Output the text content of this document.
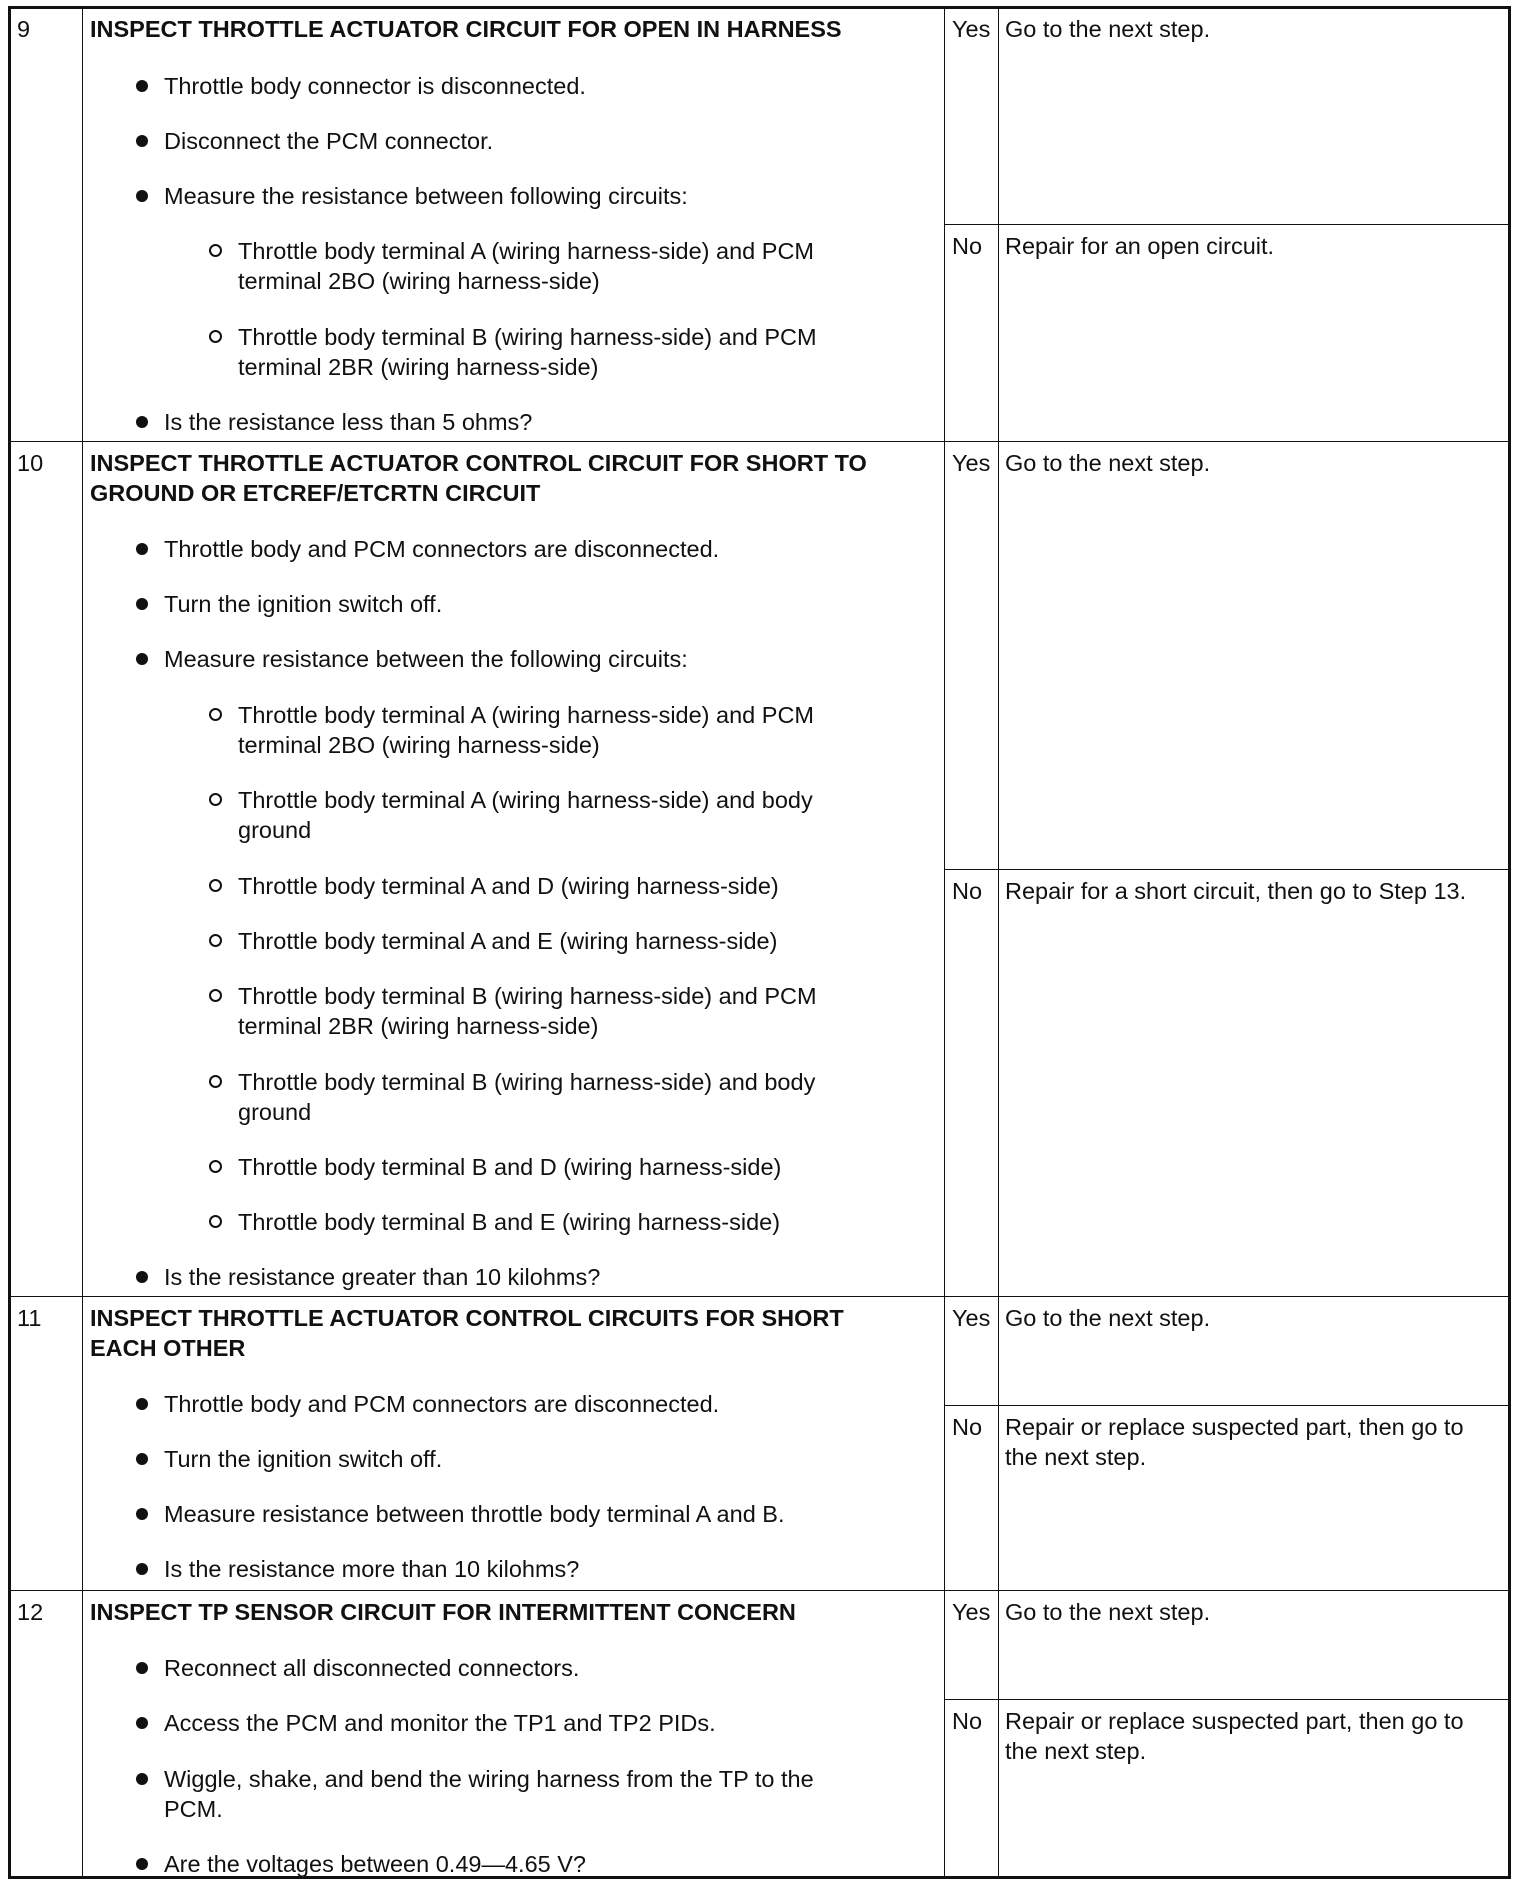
9	INSPECT THROTTLE ACTUATOR CIRCUIT FOR OPEN IN HARNESS
Throttle body connector is disconnected.
Disconnect the PCM connector.
Measure the resistance between following circuits:
Throttle body terminal A (wiring harness-side) and PCM
terminal 2BO (wiring harness-side)
Throttle body terminal B (wiring harness-side) and PCM
terminal 2BR (wiring harness-side)
Is the resistance less than 5 ohms?
Yes Go to the next step.
No Repair for an open circuit.
10 INSPECT THROTTLE ACTUATOR CONTROL CIRCUIT FOR SHORT TO
GROUND OR ETCREF/ETCRTN CIRCUIT
Throttle body and PCM connectors are disconnected.
Turn the ignition switch off.
Measure resistance between the following circuits:
Throttle body terminal A (wiring harness-side) and PCM
terminal 2BO (wiring harness-side)
Throttle body terminal A (wiring harness-side) and body
ground
Throttle body terminal A and D (wiring harness-side)
Throttle body terminal A and E (wiring harness-side)
Throttle body terminal B (wiring harness-side) and PCM
terminal 2BR (wiring harness-side)
Throttle body terminal B (wiring harness-side) and body
ground
Throttle body terminal B and D (wiring harness-side)
Throttle body terminal B and E (wiring harness-side)
Is the resistance greater than 10 kilohms?
Yes Go to the next step.
No Repair for a short circuit, then go to Step 13.
11 INSPECT THROTTLE ACTUATOR CONTROL CIRCUITS FOR SHORT
EACH OTHER
Throttle body and PCM connectors are disconnected.
Turn the ignition switch off.
Measure resistance between throttle body terminal A and B.
Is the resistance more than 10 kilohms?
Yes Go to the next step.
No Repair or replace suspected part, then go to
the next step.
12 INSPECT TP SENSOR CIRCUIT FOR INTERMITTENT CONCERN
Reconnect all disconnected connectors.
Access the PCM and monitor the TP1 and TP2 PIDs.
Wiggle, shake, and bend the wiring harness from the TP to the
PCM.
Are the voltages between 0.49—4.65 V?
Yes Go to the next step.
No Repair or replace suspected part, then go to
the next step.
